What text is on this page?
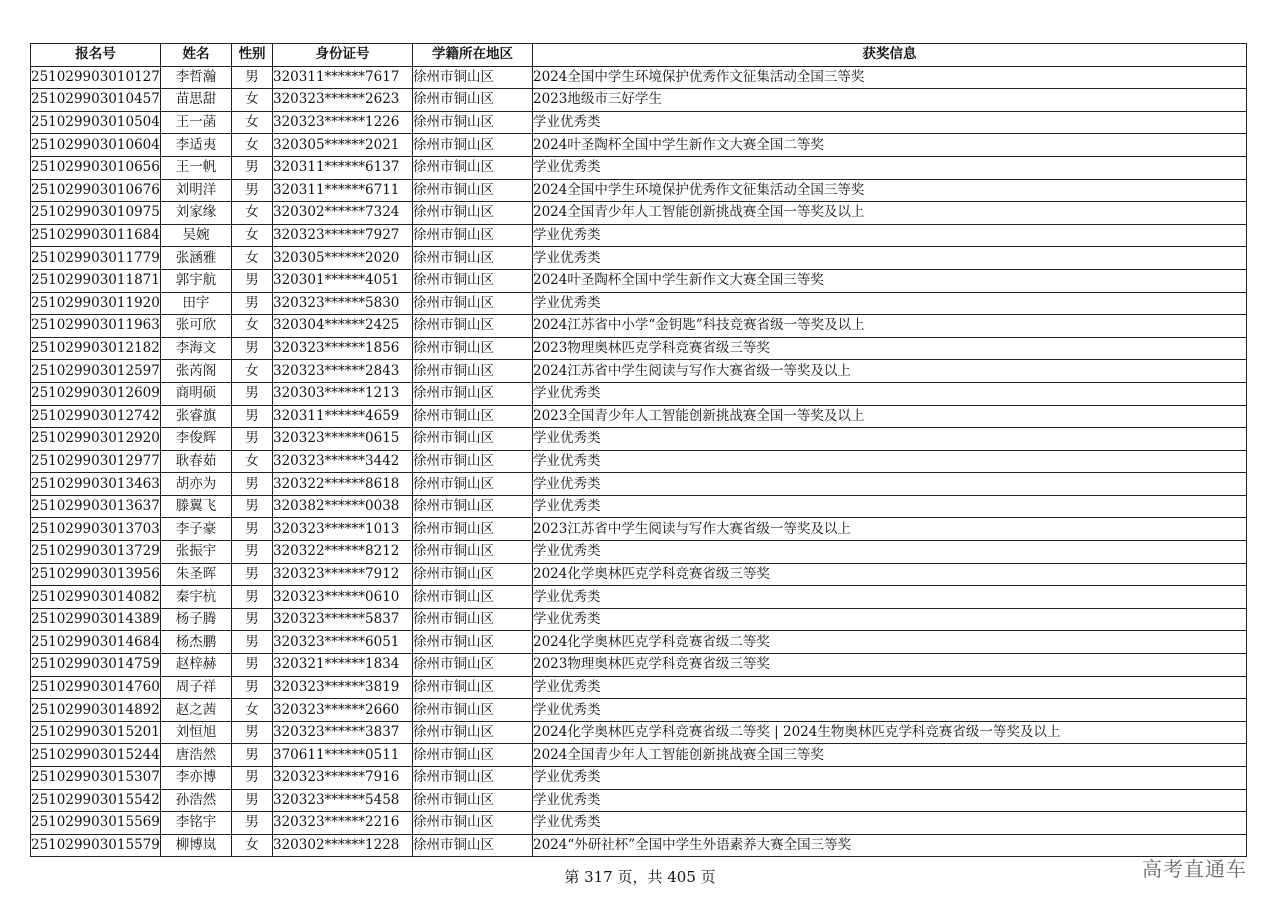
报名号	姓名	性别	身份证号	学籍所在地区	获奖信息
251029903010127	李哲瀚	男	320311******7617	徐州市铜山区	2024全国中学生环境保护优秀作文征集活动全国三等奖
251029903010457	苗思甜	女	320323******2623	徐州市铜山区	2023地级市三好学生
251029903010504	王一菡	女	320323******1226	徐州市铜山区	学业优秀类
251029903010604	李适夷	女	320305******2021	徐州市铜山区	2024叶圣陶杯全国中学生新作文大赛全国二等奖
251029903010656	王一帆	男	320311******6137	徐州市铜山区	学业优秀类
251029903010676	刘明洋	男	320311******6711	徐州市铜山区	2024全国中学生环境保护优秀作文征集活动全国三等奖
251029903010975	刘家缘	女	320302******7324	徐州市铜山区	2024全国青少年人工智能创新挑战赛全国一等奖及以上
251029903011684	吴婉	女	320323******7927	徐州市铜山区	学业优秀类
251029903011779	张涵雅	女	320305******2020	徐州市铜山区	学业优秀类
251029903011871	郭宇航	男	320301******4051	徐州市铜山区	2024叶圣陶杯全国中学生新作文大赛全国三等奖
251029903011920	田宇	男	320323******5830	徐州市铜山区	学业优秀类
251029903011963	张可欣	女	320304******2425	徐州市铜山区	2024江苏省中小学“金钥匙”科技竞赛省级一等奖及以上
251029903012182	李海文	男	320323******1856	徐州市铜山区	2023物理奥林匹克学科竞赛省级三等奖
251029903012597	张芮阁	女	320323******2843	徐州市铜山区	2024江苏省中学生阅读与写作大赛省级一等奖及以上
251029903012609	商明硕	男	320303******1213	徐州市铜山区	学业优秀类
251029903012742	张睿旗	男	320311******4659	徐州市铜山区	2023全国青少年人工智能创新挑战赛全国一等奖及以上
251029903012920	李俊辉	男	320323******0615	徐州市铜山区	学业优秀类
251029903012977	耿春茹	女	320323******3442	徐州市铜山区	学业优秀类
251029903013463	胡亦为	男	320322******8618	徐州市铜山区	学业优秀类
251029903013637	滕翼飞	男	320382******0038	徐州市铜山区	学业优秀类
251029903013703	李子豪	男	320323******1013	徐州市铜山区	2023江苏省中学生阅读与写作大赛省级一等奖及以上
251029903013729	张振宇	男	320322******8212	徐州市铜山区	学业优秀类
251029903013956	朱圣晖	男	320323******7912	徐州市铜山区	2024化学奥林匹克学科竞赛省级三等奖
251029903014082	秦宇杭	男	320323******0610	徐州市铜山区	学业优秀类
251029903014389	杨子腾	男	320323******5837	徐州市铜山区	学业优秀类
251029903014684	杨杰鹏	男	320323******6051	徐州市铜山区	2024化学奥林匹克学科竞赛省级二等奖
251029903014759	赵梓赫	男	320321******1834	徐州市铜山区	2023物理奥林匹克学科竞赛省级三等奖
251029903014760	周子祥	男	320323******3819	徐州市铜山区	学业优秀类
251029903014892	赵之茜	女	320323******2660	徐州市铜山区	学业优秀类
251029903015201	刘恒旭	男	320323******3837	徐州市铜山区	2024化学奥林匹克学科竞赛省级二等奖 | 2024生物奥林匹克学科竞赛省级一等奖及以上
251029903015244	唐浩然	男	370611******0511	徐州市铜山区	2024全国青少年人工智能创新挑战赛全国三等奖
251029903015307	李亦博	男	320323******7916	徐州市铜山区	学业优秀类
251029903015542	孙浩然	男	320323******5458	徐州市铜山区	学业优秀类
251029903015569	李铭宇	男	320323******2216	徐州市铜山区	学业优秀类
251029903015579	柳博岚	女	320302******1228	徐州市铜山区	2024“外研社杯”全国中学生外语素养大赛全国三等奖
第 317 页，共 405 页	高考直通车
